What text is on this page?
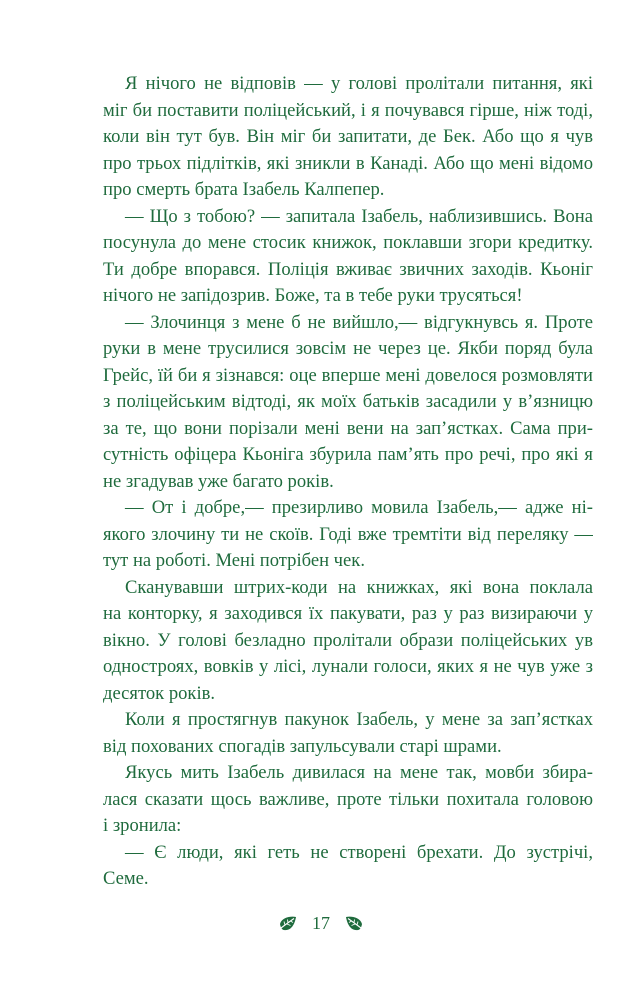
Я нічого не відповів — у голові пролітали питання, які
міг би поставити поліцейський, і я почувався гірше, ніж тоді,
коли він тут був. Він міг би запитати, де Бек. Або що я чув
про трьох підлітків, які зникли в Канаді. Або що мені відомо
про смерть брата Ізабель Калпепер.
— Що з тобою? — запитала Ізабель, наблизившись. Вона
посунула до мене стосик книжок, поклавши згори кредитку.
Ти добре впорався. Поліція вживає звичних заходів. Кьоніг
нічого не запідозрив. Боже, та в тебе руки трусяться!
— Злочинця з мене б не вийшло,— відгукнувсь я. Проте
руки в мене трусилися зовсім не через це. Якби поряд була
Грейс, їй би я зізнався: оце вперше мені довелося розмовляти
з поліцейським відтоді, як моїх батьків засадили у в’язницю
за те, що вони порізали мені вени на зап’ястках. Сама при-
сутність офіцера Кьоніга збурила пам’ять про речі, про які я
не згадував уже багато років.
— От і добре,— презирливо мовила Ізабель,— адже ні-
якого злочину ти не скоїв. Годі вже тремтіти від переляку —
тут на роботі. Мені потрібен чек.
Сканувавши штрих-коди на книжках, які вона поклала
на конторку, я заходився їх пакувати, раз у раз визираючи у
вікно. У голові безладно пролітали образи поліцейських ув
одностроях, вовків у лісі, лунали голоси, яких я не чув уже з
десяток років.
Коли я простягнув пакунок Ізабель, у мене за зап’ястках
від похованих спогадів запульсували старі шрами.
Якусь мить Ізабель дивилася на мене так, мовби збира-
лася сказати щось важливе, проте тільки похитала головою
і зронила:
— Є люди, які геть не створені брехати. До зустрічі,
Семе.
17
